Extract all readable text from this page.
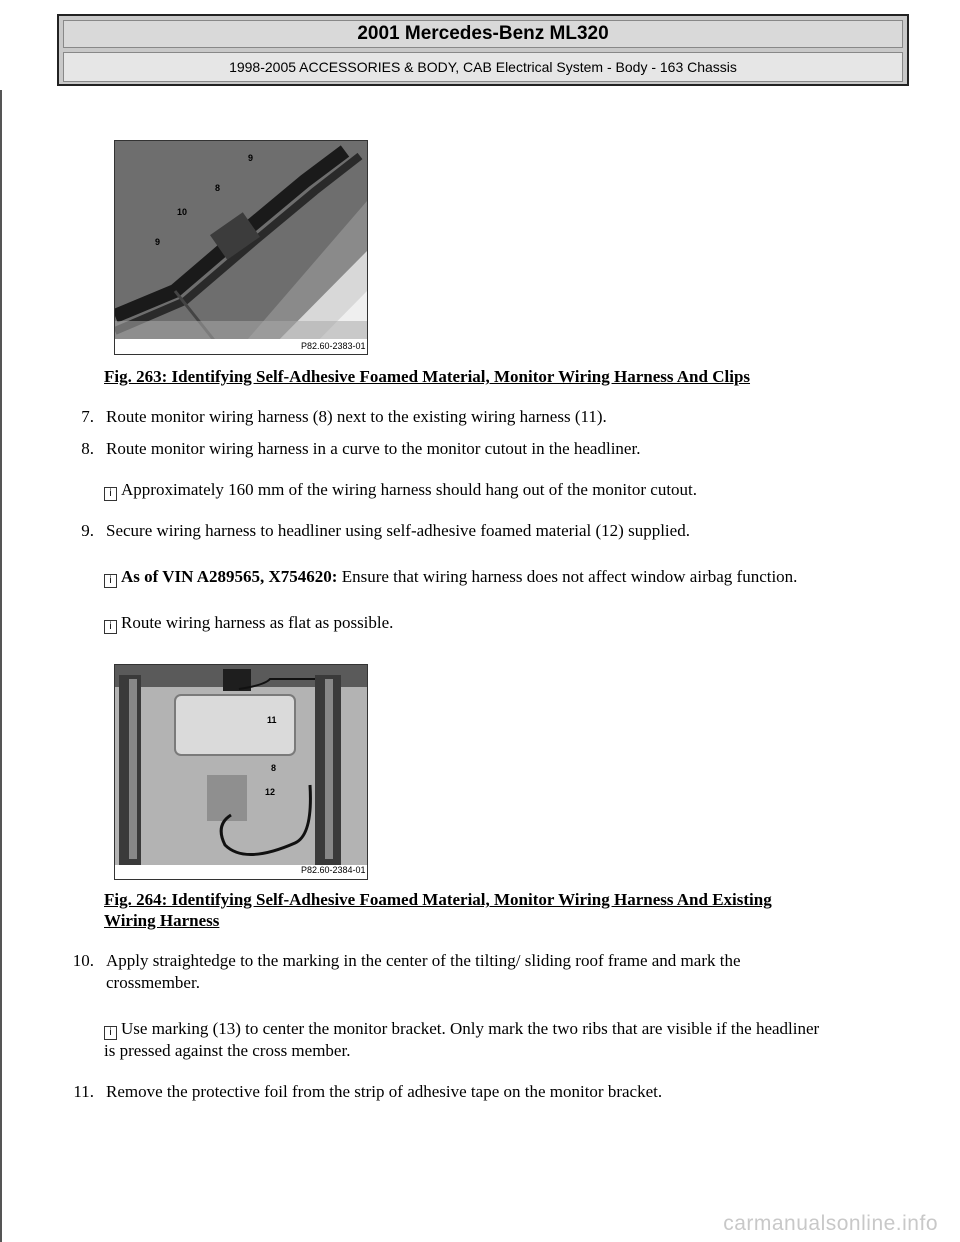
2001 Mercedes-Benz ML320
1998-2005 ACCESSORIES & BODY, CAB Electrical System - Body - 163 Chassis
P82.60-2383-01
9
8
10
9
Fig. 263: Identifying Self-Adhesive Foamed Material, Monitor Wiring Harness And Clips
7. Route monitor wiring harness (8) next to the existing wiring harness (11).
8. Route monitor wiring harness in a curve to the monitor cutout in the headliner.
i Approximately 160 mm of the wiring harness should hang out of the monitor cutout.
9. Secure wiring harness to headliner using self-adhesive foamed material (12) supplied.
i As of VIN A289565, X754620: Ensure that wiring harness does not affect window airbag function.
i Route wiring harness as flat as possible.
P82.60-2384-01
11
8
12
Fig. 264: Identifying Self-Adhesive Foamed Material, Monitor Wiring Harness And Existing
Wiring Harness
10. Apply straightedge to the marking in the center of the tilting/ sliding roof frame and mark the
crossmember.
i Use marking (13) to center the monitor bracket. Only mark the two ribs that are visible if the headliner
is pressed against the cross member.
11. Remove the protective foil from the strip of adhesive tape on the monitor bracket.
carmanualsonline.info
